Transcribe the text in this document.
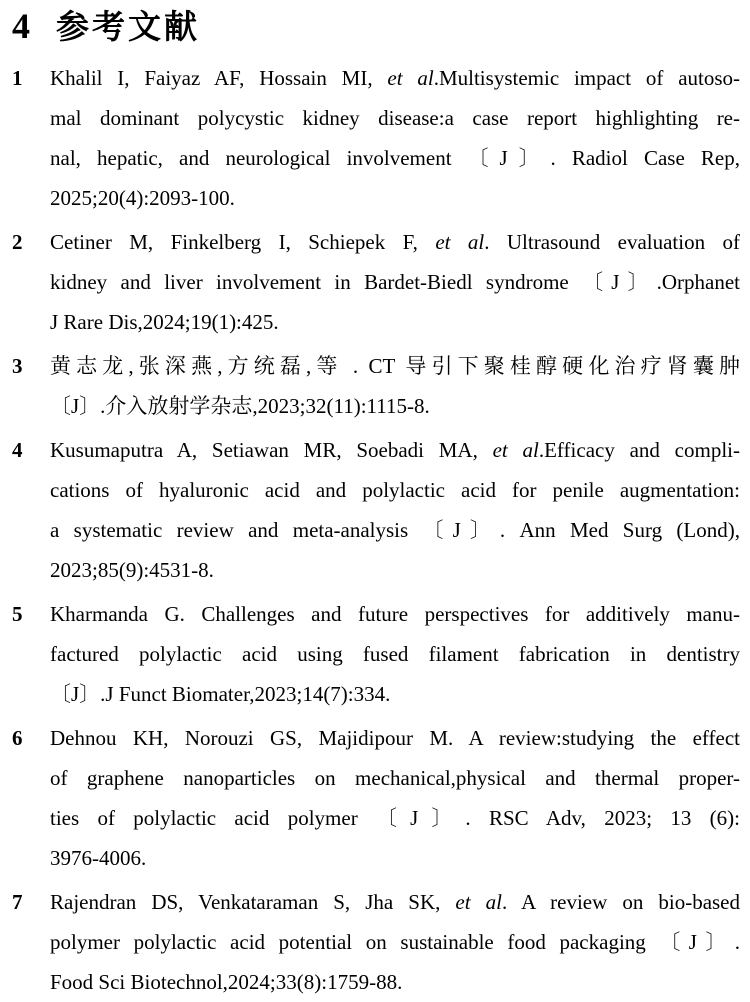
4 参考文献
1	Khalil I, Faiyaz AF, Hossain MI, et al.Multisystemic impact of autoso-
mal dominant polycystic kidney disease:a case report highlighting re-
nal, hepatic, and neurological involvement 〔J〕. Radiol Case Rep,
2025;20(4):2093-100.
2	Cetiner M, Finkelberg I, Schiepek F, et al. Ultrasound evaluation of
kidney and liver involvement in Bardet-Biedl syndrome 〔J〕.Orphanet
J Rare Dis,2024;19(1):425.
3	黄志龙,张深燕,方统磊,等 . CT 导引下聚桂醇硬化治疗肾囊肿
〔J〕.介入放射学杂志,2023;32(11):1115-8.
4	Kusumaputra A, Setiawan MR, Soebadi MA, et al.Efficacy and compli-
cations of hyaluronic acid and polylactic acid for penile augmentation:
a systematic review and meta-analysis 〔J〕. Ann Med Surg (Lond),
2023;85(9):4531-8.
5	Kharmanda G. Challenges and future perspectives for additively manu-
factured polylactic acid using fused filament fabrication in dentistry
〔J〕.J Funct Biomater,2023;14(7):334.
6	Dehnou KH, Norouzi GS, Majidipour M. A review:studying the effect
of graphene nanoparticles on mechanical,physical and thermal proper-
ties of polylactic acid polymer 〔J〕. RSC Adv, 2023; 13 (6):
3976-4006.
7	Rajendran DS, Venkataraman S, Jha SK, et al. A review on bio-based
polymer polylactic acid potential on sustainable food packaging 〔J〕.
Food Sci Biotechnol,2024;33(8):1759-88.
